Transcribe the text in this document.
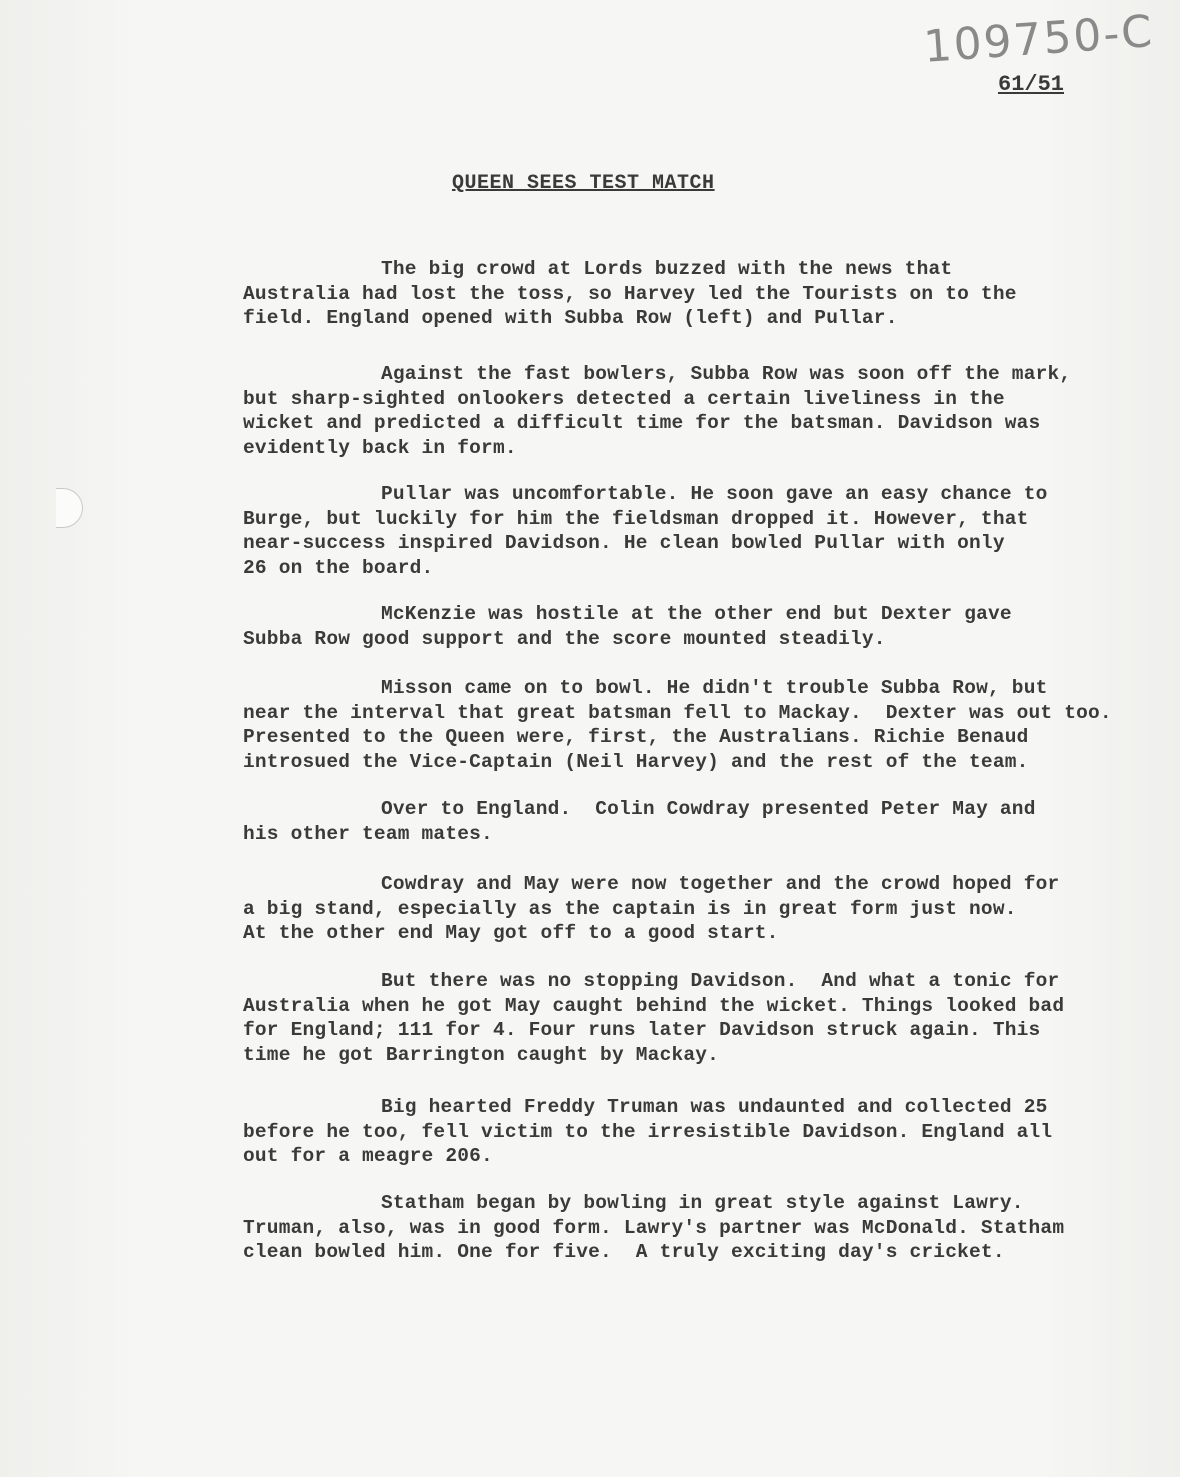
109750-C
61/51
QUEEN SEES TEST MATCH

The big crowd at Lords buzzed with the news that
Australia had lost the toss, so Harvey led the Tourists on to the
field. England opened with Subba Row (left) and Pullar.

Against the fast bowlers, Subba Row was soon off the mark,
but sharp-sighted onlookers detected a certain liveliness in the
wicket and predicted a difficult time for the batsman. Davidson was
evidently back in form.

Pullar was uncomfortable. He soon gave an easy chance to
Burge, but luckily for him the fieldsman dropped it. However, that
near-success inspired Davidson. He clean bowled Pullar with only
26 on the board.

McKenzie was hostile at the other end but Dexter gave
Subba Row good support and the score mounted steadily.

Misson came on to bowl. He didn't trouble Subba Row, but
near the interval that great batsman fell to Mackay.  Dexter was out too.
Presented to the Queen were, first, the Australians. Richie Benaud
introsued the Vice-Captain (Neil Harvey) and the rest of the team.

Over to England.  Colin Cowdray presented Peter May and
his other team mates.

Cowdray and May were now together and the crowd hoped for
a big stand, especially as the captain is in great form just now.
At the other end May got off to a good start.

But there was no stopping Davidson.  And what a tonic for
Australia when he got May caught behind the wicket. Things looked bad
for England; 111 for 4. Four runs later Davidson struck again. This
time he got Barrington caught by Mackay.

Big hearted Freddy Truman was undaunted and collected 25
before he too, fell victim to the irresistible Davidson. England all
out for a meagre 206.

Statham began by bowling in great style against Lawry.
Truman, also, was in good form. Lawry's partner was McDonald. Statham
clean bowled him. One for five.  A truly exciting day's cricket.
